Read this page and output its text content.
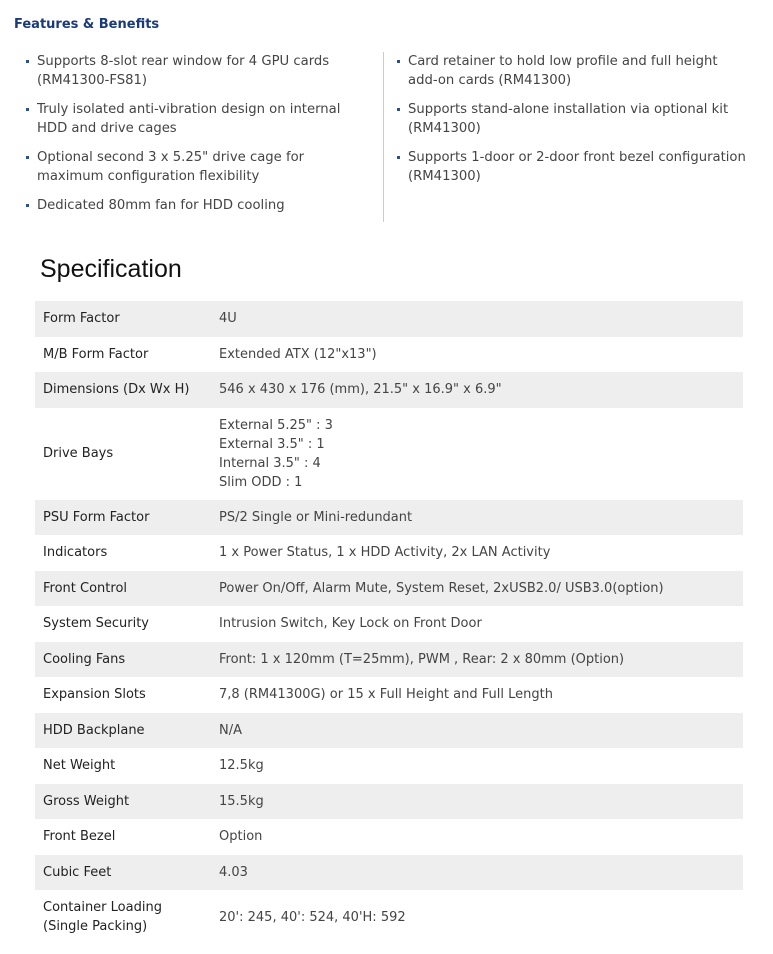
Features & Benefits
Supports 8-slot rear window for 4 GPU cards (RM41300-FS81)
Truly isolated anti-vibration design on internal HDD and drive cages
Optional second 3 x 5.25" drive cage for maximum configuration flexibility
Dedicated 80mm fan for HDD cooling
Card retainer to hold low profile and full height add-on cards (RM41300)
Supports stand-alone installation via optional kit (RM41300)
Supports 1-door or 2-door front bezel configuration (RM41300)
Specification
Form Factor	4U
M/B Form Factor	Extended ATX (12"x13")
Dimensions (Dx Wx H)	546 x 430 x 176 (mm), 21.5" x 16.9" x 6.9"
Drive Bays	External 5.25" : 3
External 3.5" : 1
Internal 3.5" : 4
Slim ODD : 1

PSU Form Factor	PS/2 Single or Mini-redundant
Indicators	1 x Power Status, 1 x HDD Activity, 2x LAN Activity
Front Control	Power On/Off, Alarm Mute, System Reset, 2xUSB2.0/ USB3.0(option)
System Security	Intrusion Switch, Key Lock on Front Door
Cooling Fans	Front: 1 x 120mm (T=25mm), PWM , Rear: 2 x 80mm (Option)
Expansion Slots	7,8 (RM41300G) or 15 x Full Height and Full Length
HDD Backplane	N/A
Net Weight	12.5kg
Gross Weight	15.5kg
Front Bezel	Option
Cubic Feet	4.03
Container Loading (Single Packing)	20': 245, 40': 524, 40'H: 592
